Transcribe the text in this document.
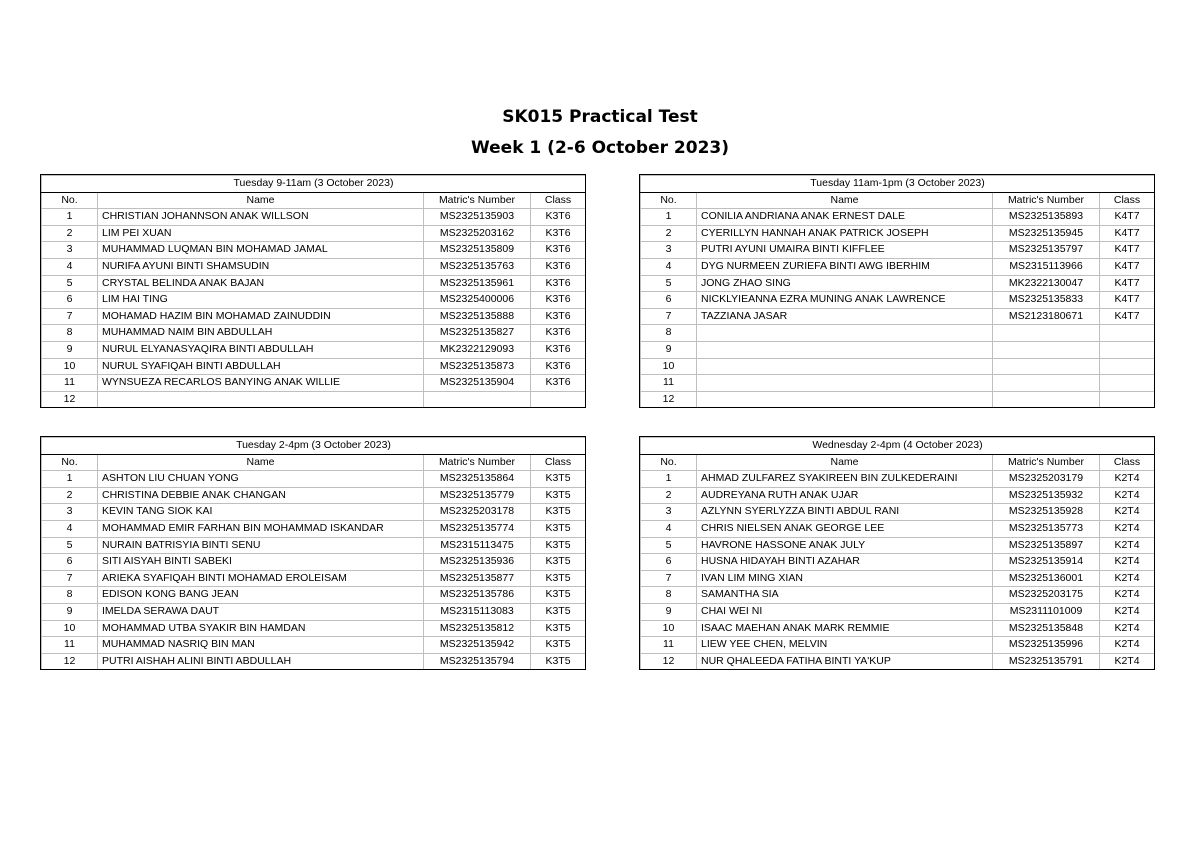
SK015 Practical Test
Week 1 (2-6 October 2023)
Tuesday 9-11am (3 October 2023)			
No.	Name	Matric's Number	Class
1	CHRISTIAN JOHANNSON ANAK WILLSON	MS2325135903	K3T6
2	LIM PEI XUAN	MS2325203162	K3T6
3	MUHAMMAD LUQMAN BIN MOHAMAD JAMAL	MS2325135809	K3T6
4	NURIFA AYUNI BINTI SHAMSUDIN	MS2325135763	K3T6
5	CRYSTAL BELINDA ANAK BAJAN	MS2325135961	K3T6
6	LIM HAI TING	MS2325400006	K3T6
7	MOHAMAD HAZIM BIN MOHAMAD ZAINUDDIN	MS2325135888	K3T6
8	MUHAMMAD NAIM BIN ABDULLAH	MS2325135827	K3T6
9	NURUL ELYANASYAQIRA BINTI ABDULLAH	MK2322129093	K3T6
10	NURUL SYAFIQAH BINTI ABDULLAH	MS2325135873	K3T6
11	WYNSUEZA RECARLOS BANYING ANAK WILLIE	MS2325135904	K3T6
12			
Tuesday 11am-1pm (3 October 2023)			
No.	Name	Matric's Number	Class
1	CONILIA ANDRIANA ANAK ERNEST DALE	MS2325135893	K4T7
2	CYERILLYN HANNAH ANAK PATRICK JOSEPH	MS2325135945	K4T7
3	PUTRI AYUNI UMAIRA BINTI KIFFLEE	MS2325135797	K4T7
4	DYG NURMEEN ZURIEFA BINTI AWG IBERHIM	MS2315113966	K4T7
5	JONG ZHAO SING	MK2322130047	K4T7
6	NICKLYIEANNA EZRA MUNING ANAK LAWRENCE	MS2325135833	K4T7
7	TAZZIANA JASAR	MS2123180671	K4T7
8			
9			
10			
11			
12			
Tuesday 2-4pm (3 October 2023)			
No.	Name	Matric's Number	Class
1	ASHTON LIU CHUAN YONG	MS2325135864	K3T5
2	CHRISTINA DEBBIE ANAK CHANGAN	MS2325135779	K3T5
3	KEVIN TANG SIOK KAI	MS2325203178	K3T5
4	MOHAMMAD EMIR FARHAN BIN MOHAMMAD ISKANDAR	MS2325135774	K3T5
5	NURAIN BATRISYIA BINTI SENU	MS2315113475	K3T5
6	SITI AISYAH BINTI SABEKI	MS2325135936	K3T5
7	ARIEKA SYAFIQAH BINTI MOHAMAD EROLEISAM	MS2325135877	K3T5
8	EDISON KONG BANG JEAN	MS2325135786	K3T5
9	IMELDA SERAWA DAUT	MS2315113083	K3T5
10	MOHAMMAD UTBA SYAKIR BIN HAMDAN	MS2325135812	K3T5
11	MUHAMMAD NASRIQ BIN MAN	MS2325135942	K3T5
12	PUTRI AISHAH ALINI BINTI ABDULLAH	MS2325135794	K3T5
Wednesday 2-4pm (4 October 2023)			
No.	Name	Matric's Number	Class
1	AHMAD ZULFAREZ SYAKIREEN BIN ZULKEDERAINI	MS2325203179	K2T4
2	AUDREYANA RUTH ANAK UJAR	MS2325135932	K2T4
3	AZLYNN SYERLYZZA BINTI ABDUL RANI	MS2325135928	K2T4
4	CHRIS NIELSEN ANAK GEORGE LEE	MS2325135773	K2T4
5	HAVRONE HASSONE ANAK JULY	MS2325135897	K2T4
6	HUSNA HIDAYAH BINTI AZAHAR	MS2325135914	K2T4
7	IVAN LIM MING XIAN	MS2325136001	K2T4
8	SAMANTHA SIA	MS2325203175	K2T4
9	CHAI WEI NI	MS2311101009	K2T4
10	ISAAC MAEHAN ANAK MARK REMMIE	MS2325135848	K2T4
11	LIEW YEE CHEN, MELVIN	MS2325135996	K2T4
12	NUR QHALEEDA FATIHA BINTI YA'KUP	MS2325135791	K2T4
